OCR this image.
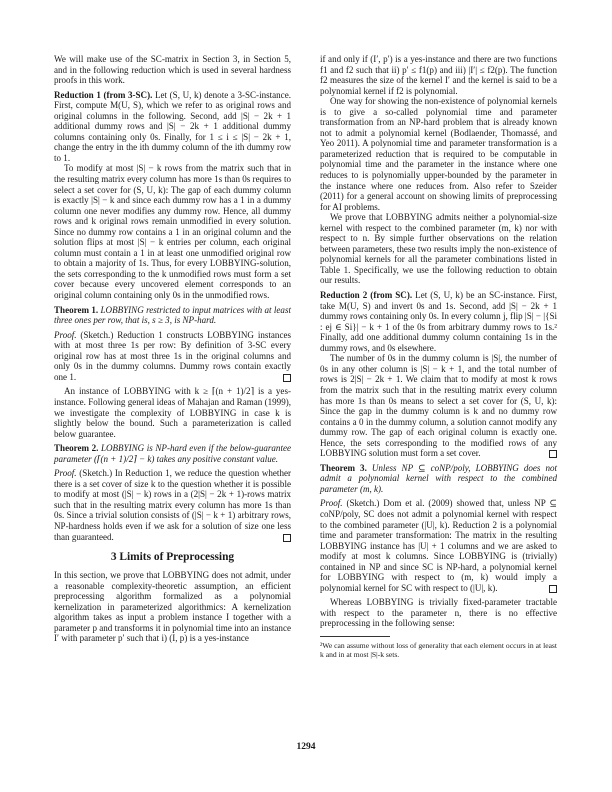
We will make use of the SC-matrix in Section 3, in Section 5, and in the following reduction which is used in several hardness proofs in this work.

Reduction 1 (from 3-SC). Let (S, U, k) denote a 3-SC-instance. First, compute M(U, S), which we refer to as original rows and original columns in the following. Second, add |S| − 2k + 1 additional dummy rows and |S| − 2k + 1 additional dummy columns containing only 0s. Finally, for 1 ≤ i ≤ |S| − 2k + 1, change the entry in the ith dummy column of the ith dummy row to 1.

To modify at most |S| − k rows from the matrix such that in the resulting matrix every column has more 1s than 0s requires to select a set cover for (S, U, k): The gap of each dummy column is exactly |S| − k and since each dummy row has a 1 in a dummy column one never modifies any dummy row. Hence, all dummy rows and k original rows remain unmodified in every solution. Since no dummy row contains a 1 in an original column and the solution flips at most |S| − k entries per column, each original column must contain a 1 in at least one unmodified original row to obtain a majority of 1s. Thus, for every LOBBYING-solution, the sets corresponding to the k unmodified rows must form a set cover because every uncovered element corresponds to an original column containing only 0s in the unmodified rows.

Theorem 1. LOBBYING restricted to input matrices with at least three ones per row, that is, s ≥ 3, is NP-hard.

Proof. (Sketch.) Reduction 1 constructs LOBBYING instances with at most three 1s per row: By definition of 3-SC every original row has at most three 1s in the original columns and only 0s in the dummy columns. Dummy rows contain exactly one 1.

An instance of LOBBYING with k ≥ ⌈(n + 1)/2⌉ is a yes-instance. Following general ideas of Mahajan and Raman (1999), we investigate the complexity of LOBBYING in case k is slightly below the bound. Such a parameterization is called below guarantee.

Theorem 2. LOBBYING is NP-hard even if the below-guarantee parameter (⌈(n + 1)/2⌉ − k) takes any positive constant value.

Proof. (Sketch.) In Reduction 1, we reduce the question whether there is a set cover of size k to the question whether it is possible to modify at most (|S| − k) rows in a (2|S| − 2k + 1)-rows matrix such that in the resulting matrix every column has more 1s than 0s. Since a trivial solution consists of (|S| − k + 1) arbitrary rows, NP-hardness holds even if we ask for a solution of size one less than guaranteed.

3 Limits of Preprocessing

In this section, we prove that LOBBYING does not admit, under a reasonable complexity-theoretic assumption, an efficient preprocessing algorithm formalized as a polynomial kernelization in parameterized algorithmics: A kernelization algorithm takes as input a problem instance I together with a parameter p and transforms it in polynomial time into an instance I′ with parameter p′ such that i) (I, p) is a yes-instance

if and only if (I′, p′) is a yes-instance and there are two functions f1 and f2 such that ii) p′ ≤ f1(p) and iii) |I′| ≤ f2(p). The function f2 measures the size of the kernel I′ and the kernel is said to be a polynomial kernel if f2 is polynomial.

One way for showing the non-existence of polynomial kernels is to give a so-called polynomial time and parameter transformation from an NP-hard problem that is already known not to admit a polynomial kernel (Bodlaender, Thomassé, and Yeo 2011). A polynomial time and parameter transformation is a parameterized reduction that is required to be computable in polynomial time and the parameter in the instance where one reduces to is polynomially upper-bounded by the parameter in the instance where one reduces from. Also refer to Szeider (2011) for a general account on showing limits of preprocessing for AI problems.

We prove that LOBBYING admits neither a polynomial-size kernel with respect to the combined parameter (m, k) nor with respect to n. By simple further observations on the relation between parameters, these two results imply the non-existence of polynomial kernels for all the parameter combinations listed in Table 1. Specifically, we use the following reduction to obtain our results.

Reduction 2 (from SC). Let (S, U, k) be an SC-instance. First, take M(U, S) and invert 0s and 1s. Second, add |S| − 2k + 1 dummy rows containing only 0s. In every column j, flip |S| − |{Si : ej ∈ Si}| − k + 1 of the 0s from arbitrary dummy rows to 1s.² Finally, add one additional dummy column containing 1s in the dummy rows, and 0s elsewhere.

The number of 0s in the dummy column is |S|, the number of 0s in any other column is |S| − k + 1, and the total number of rows is 2|S| − 2k + 1. We claim that to modify at most k rows from the matrix such that in the resulting matrix every column has more 1s than 0s means to select a set cover for (S, U, k): Since the gap in the dummy column is k and no dummy row contains a 0 in the dummy column, a solution cannot modify any dummy row. The gap of each original column is exactly one. Hence, the sets corresponding to the modified rows of any LOBBYING solution must form a set cover.

Theorem 3. Unless NP ⊆ coNP/poly, LOBBYING does not admit a polynomial kernel with respect to the combined parameter (m, k).

Proof. (Sketch.) Dom et al. (2009) showed that, unless NP ⊆ coNP/poly, SC does not admit a polynomial kernel with respect to the combined parameter (|U|, k). Reduction 2 is a polynomial time and parameter transformation: The matrix in the resulting LOBBYING instance has |U| + 1 columns and we are asked to modify at most k columns. Since LOBBYING is (trivially) contained in NP and since SC is NP-hard, a polynomial kernel for LOBBYING with respect to (m, k) would imply a polynomial kernel for SC with respect to (|U|, k).

Whereas LOBBYING is trivially fixed-parameter tractable with respect to the parameter n, there is no effective preprocessing in the following sense:

²We can assume without loss of generality that each element occurs in at least k and in at most |S|-k sets.

1294
